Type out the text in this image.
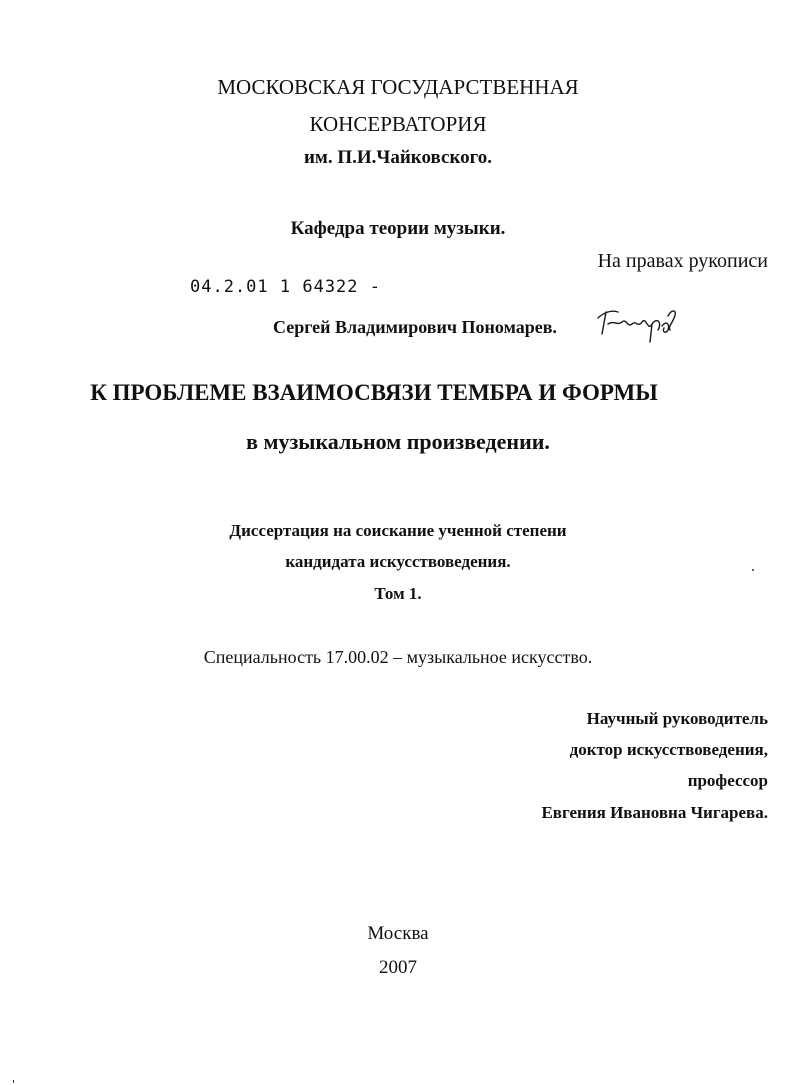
МОСКОВСКАЯ ГОСУДАРСТВЕННАЯ
КОНСЕРВАТОРИЯ
им. П.И.Чайковского.
Кафедра теории музыки.
На правах рукописи
04.2.01 1 64322 -
Сергей Владимирович Пономарев.
К ПРОБЛЕМЕ ВЗАИМОСВЯЗИ ТЕМБРА И ФОРМЫ
в музыкальном произведении.
Диссертация на соискание ученной степени
кандидата искусствоведения.
Том 1.
Специальность 17.00.02 – музыкальное искусство.
Научный руководитель
доктор искусствоведения,
профессор
Евгения Ивановна Чигарева.
Москва
2007
